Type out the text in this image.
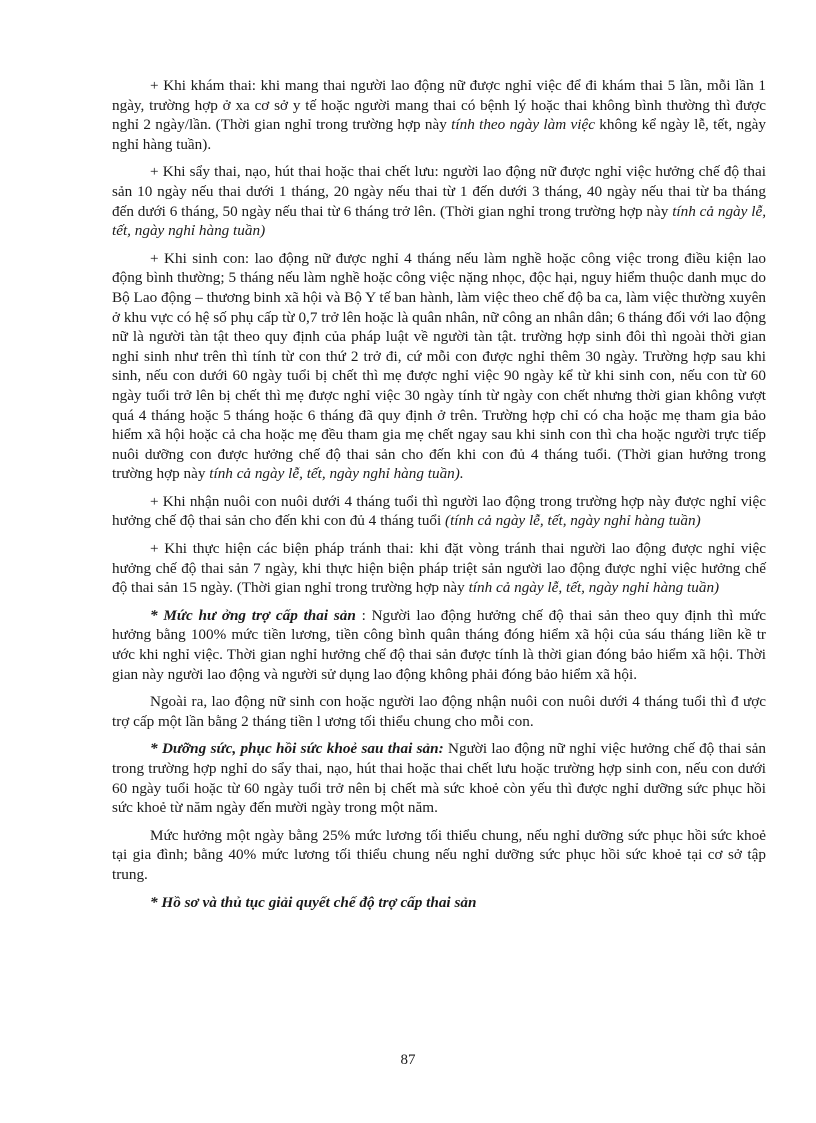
+ Khi khám thai: khi mang thai người lao động nữ được nghỉ việc để đi khám thai 5 lần, mỗi lần 1 ngày, trường hợp ở xa cơ sở y tế hoặc người mang thai có bệnh lý hoặc thai không bình thường thì được nghỉ 2 ngày/lần. (Thời gian nghỉ trong trường hợp này tính theo ngày làm việc không kể ngày lễ, tết, ngày nghỉ hàng tuần).

+ Khi sẩy thai, nạo, hút thai hoặc thai chết lưu: người lao động nữ được nghỉ việc hưởng chế độ thai sản 10 ngày nếu thai dưới 1 tháng, 20 ngày nếu thai từ 1 đến dưới 3 tháng, 40 ngày nếu thai từ ba tháng đến dưới 6 tháng, 50 ngày nếu thai từ 6 tháng trở lên. (Thời gian nghỉ trong trường hợp này tính cả ngày lễ, tết, ngày nghỉ hàng tuần)

+ Khi sinh con: lao động nữ được nghỉ 4 tháng nếu làm nghề hoặc công việc trong điều kiện lao động bình thường; 5 tháng nếu làm nghề hoặc công việc nặng nhọc, độc hại, nguy hiểm thuộc danh mục do Bộ Lao động – thương binh xã hội và Bộ Y tế ban hành, làm việc theo chế độ ba ca, làm việc thường xuyên ở khu vực có hệ số phụ cấp từ 0,7 trở lên hoặc là quân nhân, nữ công an nhân dân; 6 tháng đối với lao động nữ là người tàn tật theo quy định của pháp luật về người tàn tật. trường hợp sinh đôi thì ngoài thời gian nghỉ sinh như trên thì tính từ con thứ 2 trở đi, cứ mỗi con được nghỉ thêm 30 ngày. Trường hợp sau khi sinh, nếu con dưới 60 ngày tuổi bị chết thì mẹ được nghỉ việc 90 ngày kể từ khi sinh con, nếu con từ 60 ngày tuổi trở lên bị chết thì mẹ được nghỉ việc 30 ngày tính từ ngày con chết nhưng thời gian không vượt quá 4 tháng hoặc 5 tháng hoặc 6 tháng đã quy định ở trên. Trường hợp chỉ có cha hoặc mẹ tham gia bảo hiểm xã hội hoặc cả cha hoặc mẹ đều tham gia mẹ chết ngay sau khi sinh con thì cha hoặc người trực tiếp nuôi dưỡng con được hưởng chế độ thai sản cho đến khi con đủ 4 tháng tuổi. (Thời gian hưởng trong trường hợp này tính cả ngày lễ, tết, ngày nghỉ hàng tuần).

+ Khi nhận nuôi con nuôi dưới 4 tháng tuổi thì người lao động trong trường hợp này được nghỉ việc hưởng chế độ thai sản cho đến khi con đủ 4 tháng tuổi (tính cả ngày lễ, tết, ngày nghỉ hàng tuần)

+ Khi thực hiện các biện pháp tránh thai: khi đặt vòng tránh thai người lao động được nghỉ việc hưởng chế độ thai sản 7 ngày, khi thực hiện biện pháp triệt sản người lao động được nghỉ việc hưởng chế độ thai sản 15 ngày. (Thời gian nghỉ trong trường hợp này tính cả ngày lễ, tết, ngày nghỉ hàng tuần)

* Mức hư ởng trợ cấp thai sản : Người lao động hưởng chế độ thai sản theo quy định thì mức hưởng bằng 100% mức tiền lương, tiền công bình quân tháng đóng hiểm xã hội của sáu tháng liền kề tr ước khi nghỉ việc. Thời gian nghỉ hưởng chế độ thai sản được tính là thời gian đóng bảo hiểm xã hội. Thời gian này người lao động và người sử dụng lao động không phải đóng bảo hiểm xã hội.

Ngoài ra, lao động nữ sinh con hoặc người lao động nhận nuôi con nuôi dưới 4 tháng tuổi thì đ ược trợ cấp một lần bằng 2 tháng tiền l ương tối thiểu chung cho mỗi con.

* Dưỡng sức, phục hồi sức khoẻ sau thai sản: Người lao động nữ nghỉ việc hưởng chế độ thai sản trong trường hợp nghỉ do sẩy thai, nạo, hút thai hoặc thai chết lưu hoặc trường hợp sinh con, nếu con dưới 60 ngày tuổi hoặc từ 60 ngày tuổi trở nên bị chết mà sức khoẻ còn yếu thì được nghỉ dưỡng sức phục hồi sức khoẻ từ năm ngày đến mười ngày trong một năm.

Mức hưởng một ngày bằng 25% mức lương tối thiểu chung, nếu nghỉ dưỡng sức phục hồi sức khoẻ tại gia đình; bằng 40% mức lương tối thiểu chung nếu nghỉ dưỡng sức phục hồi sức khoẻ tại cơ sở tập trung.

* Hồ sơ và thủ tục giải quyết chế độ trợ cấp thai sản

87
